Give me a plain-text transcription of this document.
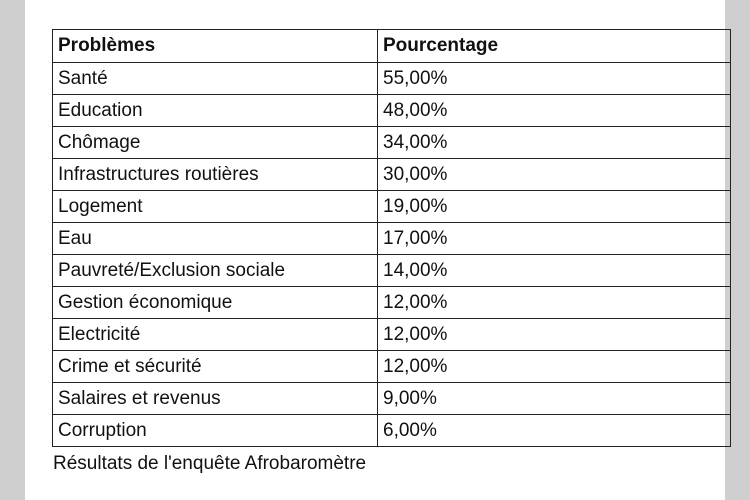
Problèmes	Pourcentage
Santé	55,00%
Education	48,00%
Chômage	34,00%
Infrastructures routières	30,00%
Logement	19,00%
Eau	17,00%
Pauvreté/Exclusion sociale	14,00%
Gestion économique	12,00%
Electricité	12,00%
Crime et sécurité	12,00%
Salaires et revenus	9,00%
Corruption	6,00%
Résultats de l'enquête Afrobaromètre
